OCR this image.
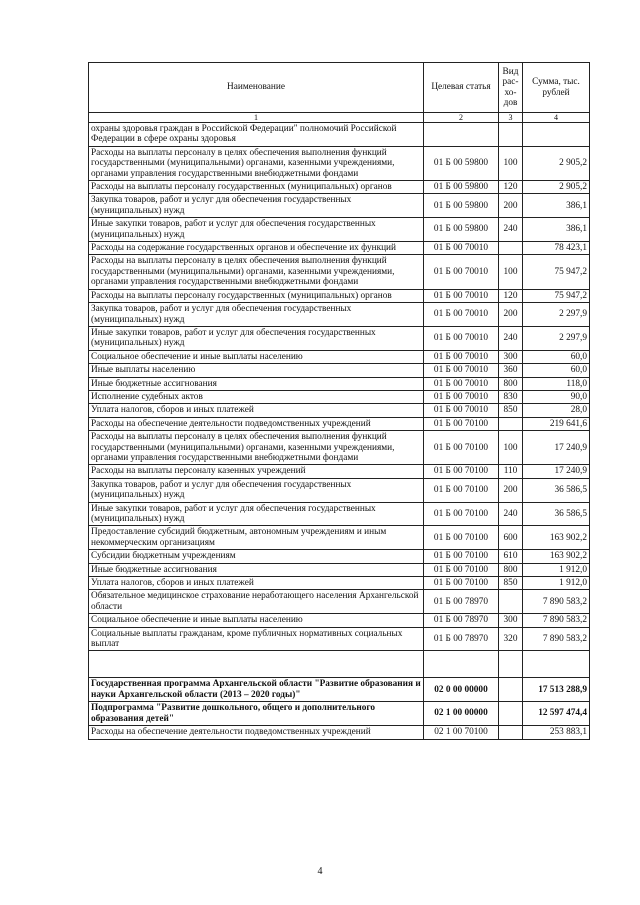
Наименование	Целевая статья	Вид рас- хо- дов	Сумма, тыс. рублей
1	2	3	4
охраны здоровья граждан в Российской Федерации" полномочий Российской Федерации в сфере охраны здоровья			
Расходы на выплаты персоналу в целях обеспечения выполнения функций государственными (муниципальными) органами, казенными учреждениями, органами управления государственными внебюджетными фондами	01 Б 00 59800	100	2 905,2
Расходы на выплаты персоналу государственных (муниципальных) органов	01 Б 00 59800	120	2 905,2
Закупка товаров, работ и услуг для обеспечения государственных (муниципальных) нужд	01 Б 00 59800	200	386,1
Иные закупки товаров, работ и услуг для обеспечения государственных (муниципальных) нужд	01 Б 00 59800	240	386,1
Расходы на содержание государственных органов и обеспечение их функций	01 Б 00 70010		78 423,1
Расходы на выплаты персоналу в целях обеспечения выполнения функций государственными (муниципальными) органами, казенными учреждениями, органами управления государственными внебюджетными фондами	01 Б 00 70010	100	75 947,2
Расходы на выплаты персоналу государственных (муниципальных) органов	01 Б 00 70010	120	75 947,2
Закупка товаров, работ и услуг для обеспечения государственных (муниципальных) нужд	01 Б 00 70010	200	2 297,9
Иные закупки товаров, работ и услуг для обеспечения государственных (муниципальных) нужд	01 Б 00 70010	240	2 297,9
Социальное обеспечение и иные выплаты населению	01 Б 00 70010	300	60,0
Иные выплаты населению	01 Б 00 70010	360	60,0
Иные бюджетные ассигнования	01 Б 00 70010	800	118,0
Исполнение судебных актов	01 Б 00 70010	830	90,0
Уплата налогов, сборов и иных платежей	01 Б 00 70010	850	28,0
Расходы на обеспечение деятельности подведомственных учреждений	01 Б 00 70100		219 641,6
Расходы на выплаты персоналу в целях обеспечения выполнения функций государственными (муниципальными) органами, казенными учреждениями, органами управления государственными внебюджетными фондами	01 Б 00 70100	100	17 240,9
Расходы на выплаты персоналу казенных учреждений	01 Б 00 70100	110	17 240,9
Закупка товаров, работ и услуг для обеспечения государственных (муниципальных) нужд	01 Б 00 70100	200	36 586,5
Иные закупки товаров, работ и услуг для обеспечения государственных (муниципальных) нужд	01 Б 00 70100	240	36 586,5
Предоставление субсидий бюджетным, автономным учреждениям и иным некоммерческим организациям	01 Б 00 70100	600	163 902,2
Субсидии бюджетным учреждениям	01 Б 00 70100	610	163 902,2
Иные бюджетные ассигнования	01 Б 00 70100	800	1 912,0
Уплата налогов, сборов и иных платежей	01 Б 00 70100	850	1 912,0
Обязательное медицинское страхование неработающего населения Архангельской области	01 Б 00 78970		7 890 583,2
Социальное обеспечение и иные выплаты населению	01 Б 00 78970	300	7 890 583,2
Социальные выплаты гражданам, кроме публичных нормативных социальных выплат	01 Б 00 78970	320	7 890 583,2

Государственная программа Архангельской области "Развитие образования и науки Архангельской области (2013 – 2020 годы)"	02 0 00 00000		17 513 288,9
Подпрограмма "Развитие дошкольного, общего и дополнительного образования детей"	02 1 00 00000		12 597 474,4
Расходы на обеспечение деятельности подведомственных учреждений	02 1 00 70100		253 883,1
4
